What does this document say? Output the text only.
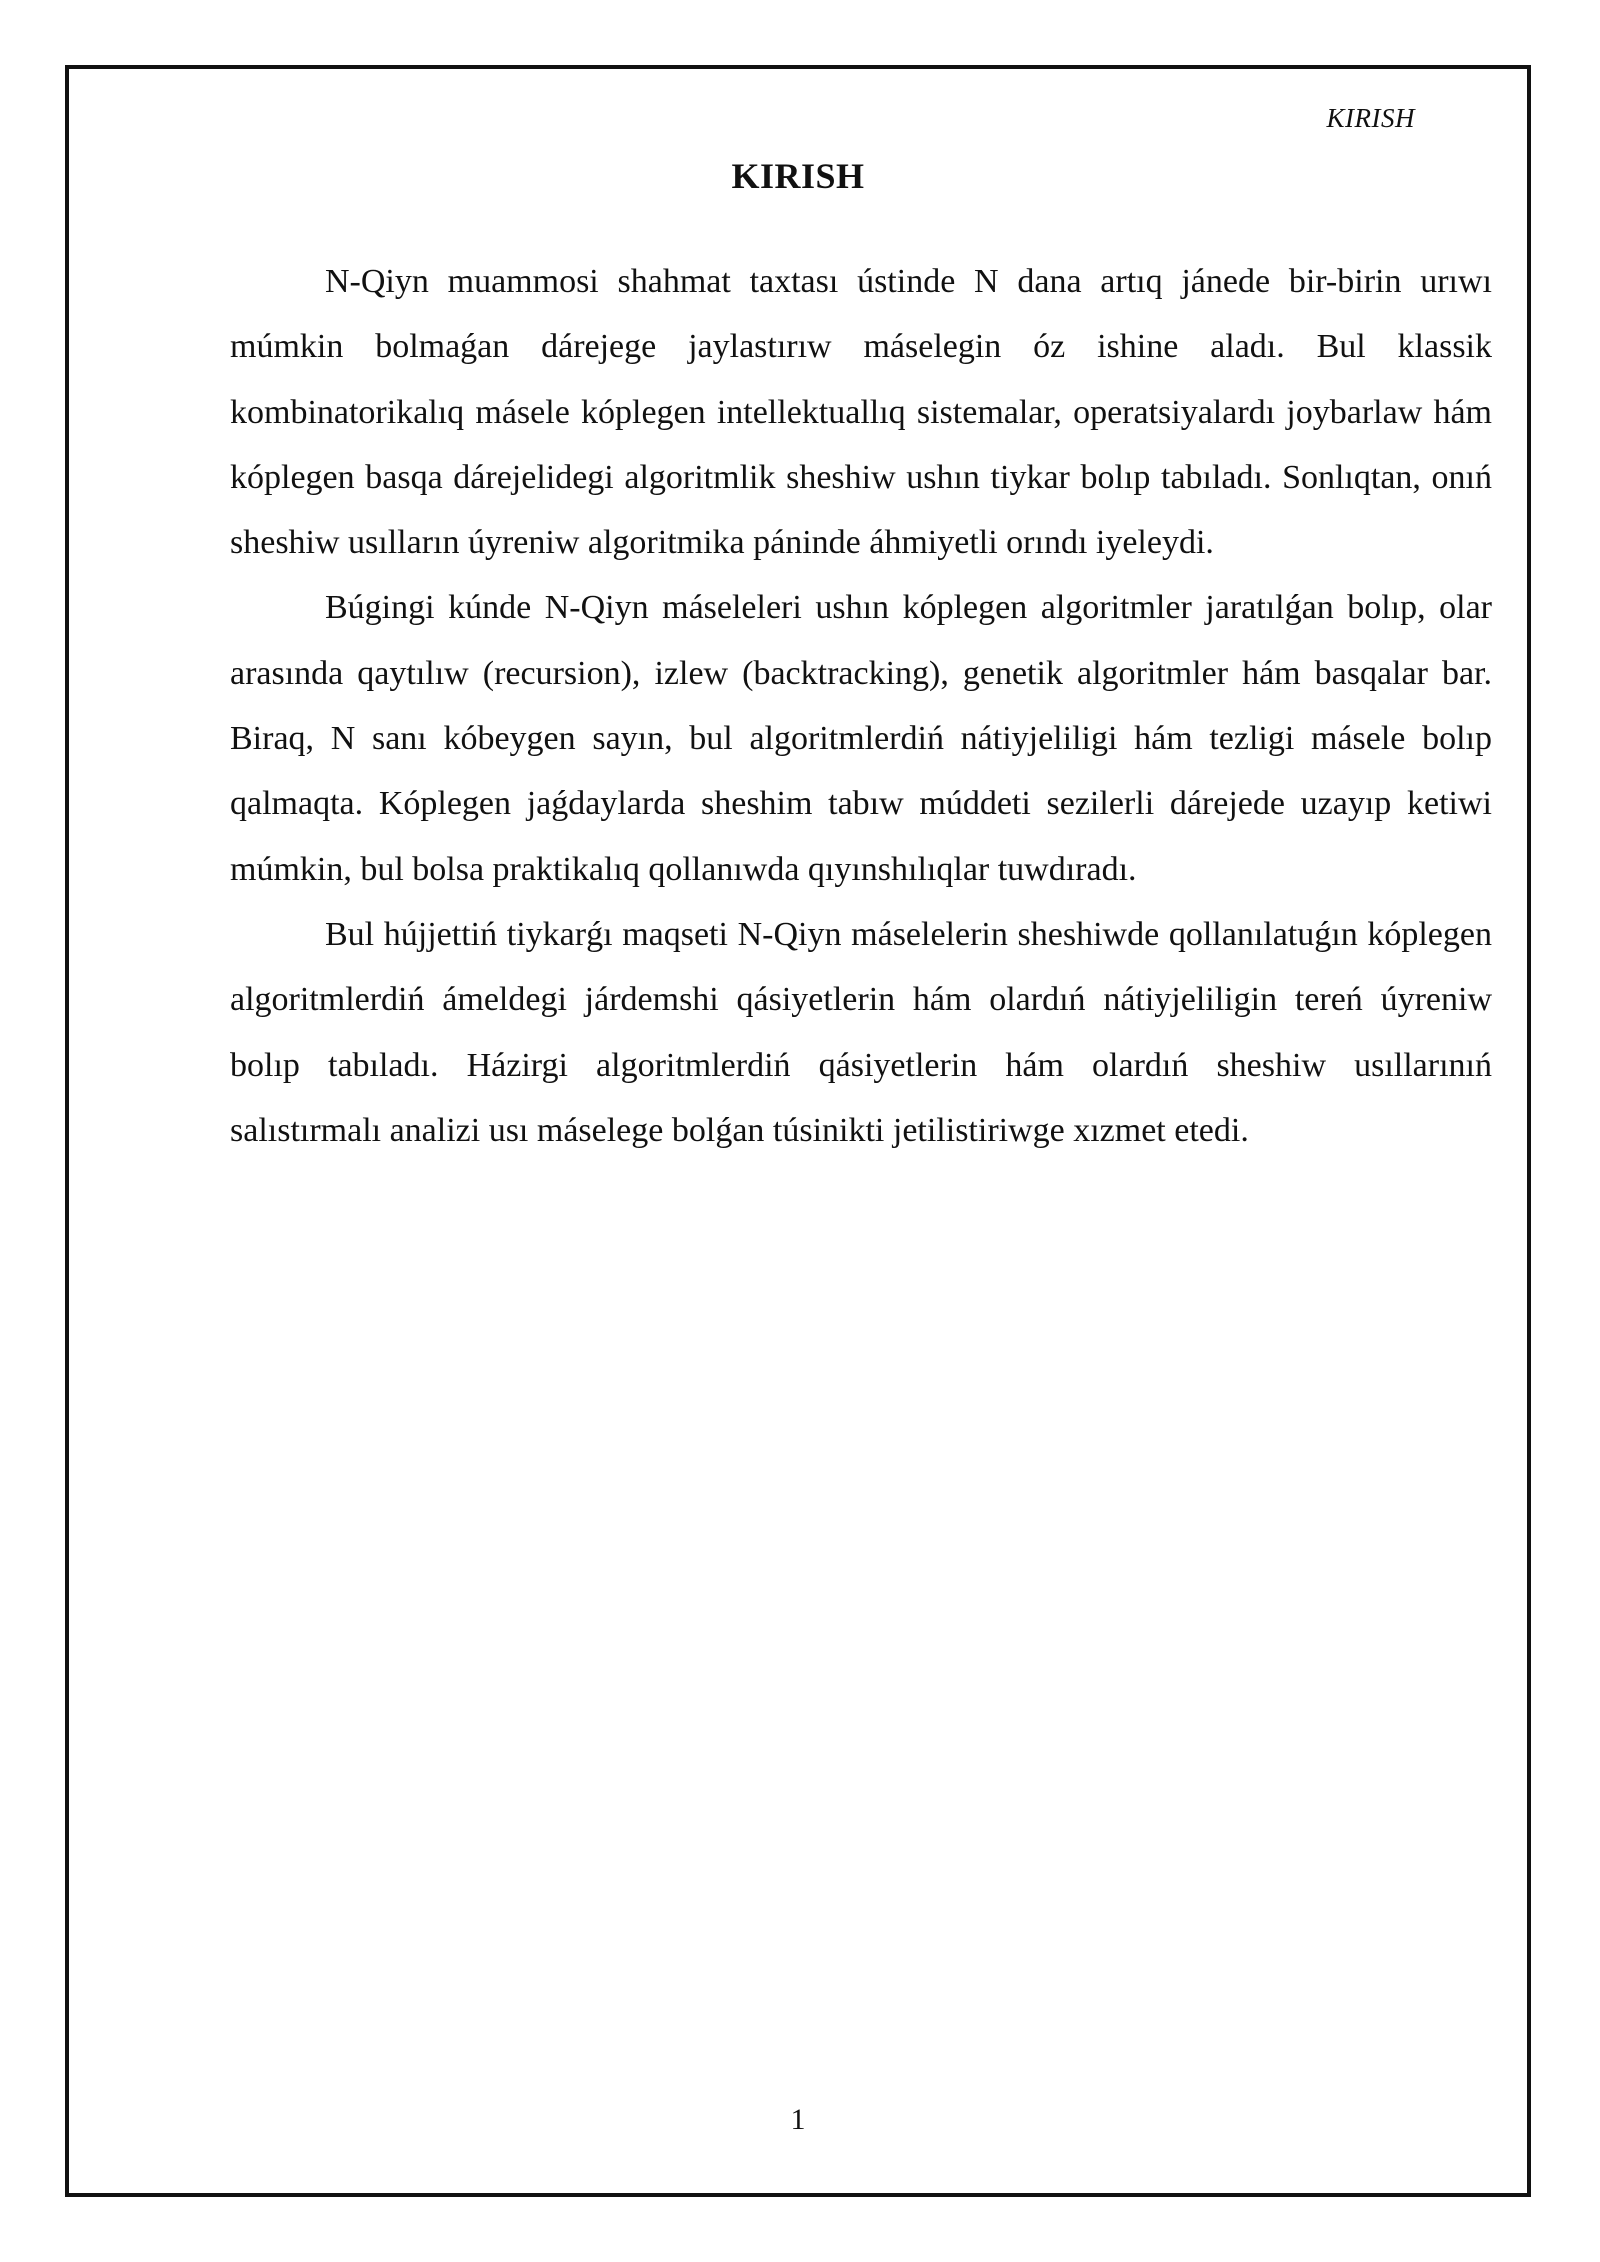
KIRISH
KIRISH

N-Qiyn muammosi shahmat taxtası ústinde N dana artıq jánede bir-birin urıwı múmkin bolmaǵan dárejege jaylastırıw máselegin óz ishine aladı. Bul klassik kombinatorikalıq másele kóplegen intellektuallıq sistemalar, operatsiyalardı joybarlaw hám kóplegen basqa dárejelidegi algoritmlik sheshiw ushın tiykar bolıp tabıladı. Sonlıqtan, onıń sheshiw usılların úyreniw algoritmika páninde áhmiyetli orındı iyeleydi.

Búgingi kúnde N-Qiyn máseleleri ushın kóplegen algoritmler jaratılǵan bolıp, olar arasında qaytılıw (recursion), izlew (backtracking), genetik algoritmler hám basqalar bar. Biraq, N sanı kóbeygen sayın, bul algoritmlerdiń nátiyjeliligi hám tezligi másele bolıp qalmaqta. Kóplegen jaǵdaylarda sheshim tabıw múddeti sezilerli dárejede uzayıp ketiwi múmkin, bul bolsa praktikalıq qollanıwda qıyınshılıqlar tuwdıradı.

Bul hújjettiń tiykarǵı maqseti N-Qiyn máselelerin sheshiwde qollanılatuǵın kóplegen algoritmlerdiń ámeldegi járdemshi qásiyetlerin hám olardıń nátiyjeliligin tereń úyreniw bolıp tabıladı. Házirgi algoritmlerdiń qásiyetlerin hám olardıń sheshiw usıllarınıń salıstırmalı analizi usı máselege bolǵan túsinikti jetilistiriwge xızmet etedi.

1
